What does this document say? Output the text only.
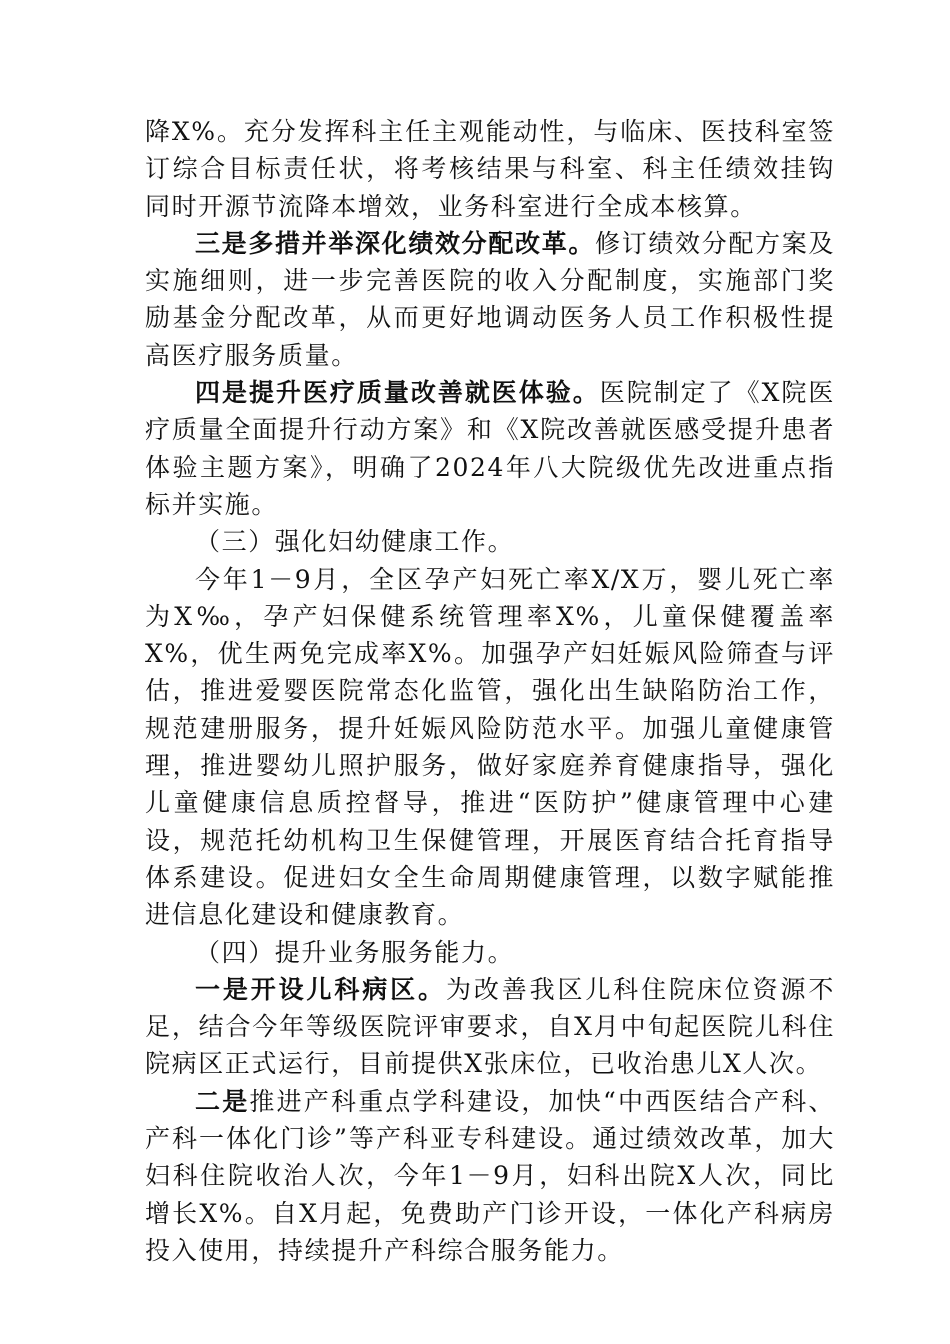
降X%。充分发挥科主任主观能动性，与临床、医技科室签订综合目标责任状，将考核结果与科室、科主任绩效挂钩同时开源节流降本增效，业务科室进行全成本核算。

三是多措并举深化绩效分配改革。修订绩效分配方案及实施细则，进一步完善医院的收入分配制度，实施部门奖励基金分配改革，从而更好地调动医务人员工作积极性提高医疗服务质量。

四是提升医疗质量改善就医体验。医院制定了《X院医疗质量全面提升行动方案》和《X院改善就医感受提升患者体验主题方案》，明确了2024年八大院级优先改进重点指标并实施。

（三）强化妇幼健康工作。

今年1－9月，全区孕产妇死亡率X/X万，婴儿死亡率为X‰，孕产妇保健系统管理率X%，儿童保健覆盖率X%，优生两免完成率X%。加强孕产妇妊娠风险筛查与评估，推进爱婴医院常态化监管，强化出生缺陷防治工作，规范建册服务，提升妊娠风险防范水平。加强儿童健康管理，推进婴幼儿照护服务，做好家庭养育健康指导，强化儿童健康信息质控督导，推进“医防护”健康管理中心建设，规范托幼机构卫生保健管理，开展医育结合托育指导体系建设。促进妇女全生命周期健康管理，以数字赋能推进信息化建设和健康教育。

（四）提升业务服务能力。

一是开设儿科病区。为改善我区儿科住院床位资源不足，结合今年等级医院评审要求，自X月中旬起医院儿科住院病区正式运行，目前提供X张床位，已收治患儿X人次。

二是推进产科重点学科建设，加快“中西医结合产科、产科一体化门诊”等产科亚专科建设。通过绩效改革，加大妇科住院收治人次，今年1－9月，妇科出院X人次，同比增长X%。自X月起，免费助产门诊开设，一体化产科病房投入使用，持续提升产科综合服务能力。
